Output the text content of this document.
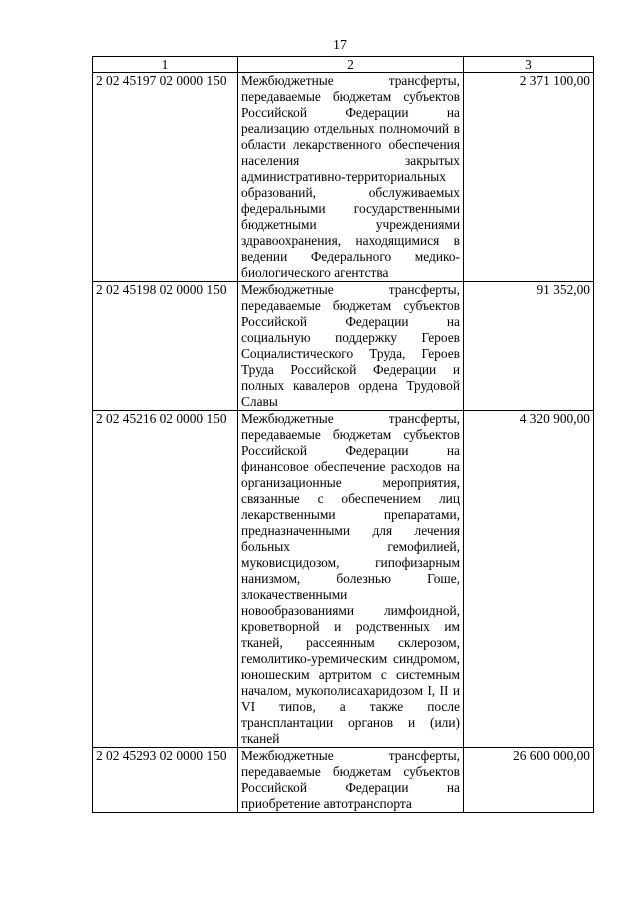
17
1	2	3
2 02 45197 02 0000 150	Межбюджетные трансферты, передаваемые бюджетам субъектов Российской Федерации на реализацию отдельных полномочий в области лекарственного обеспечения населения закрытых административно-территориальных образований, обслуживаемых федеральными государственными бюджетными учреждениями здравоохранения, находящимися в ведении Федерального медико-биологического агентства	2 371 100,00
2 02 45198 02 0000 150	Межбюджетные трансферты, передаваемые бюджетам субъектов Российской Федерации на социальную поддержку Героев Социалистического Труда, Героев Труда Российской Федерации и полных кавалеров ордена Трудовой Славы	91 352,00
2 02 45216 02 0000 150	Межбюджетные трансферты, передаваемые бюджетам субъектов Российской Федерации на финансовое обеспечение расходов на организационные мероприятия, связанные с обеспечением лиц лекарственными препаратами, предназначенными для лечения больных гемофилией, муковисцидозом, гипофизарным нанизмом, болезнью Гоше, злокачественными новообразованиями лимфоидной, кроветворной и родственных им тканей, рассеянным склерозом, гемолитико-уремическим синдромом, юношеским артритом с системным началом, мукополисахаридозом I, II и VI типов, а также после трансплантации органов и (или) тканей	4 320 900,00
2 02 45293 02 0000 150	Межбюджетные трансферты, передаваемые бюджетам субъектов Российской Федерации на приобретение автотранспорта	26 600 000,00
